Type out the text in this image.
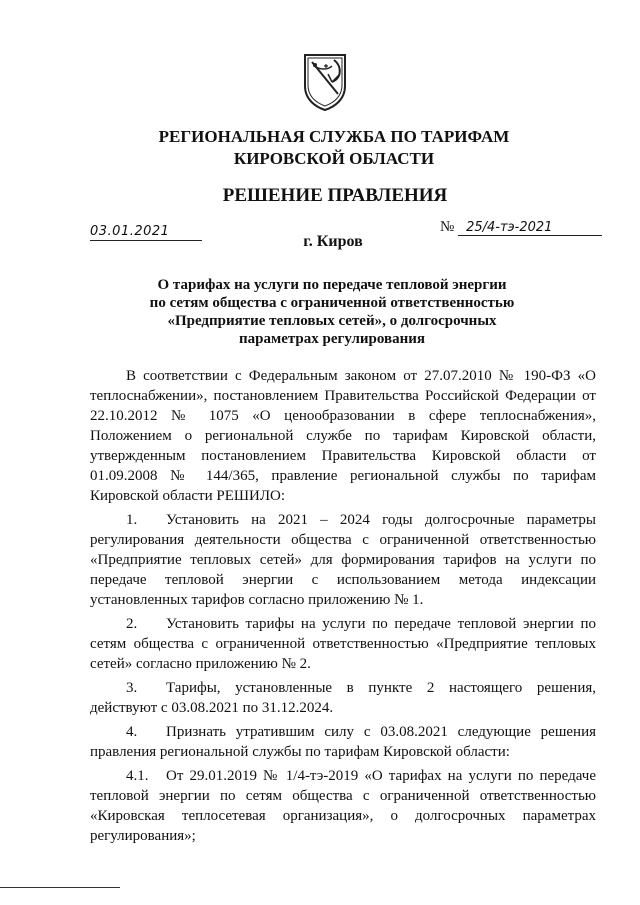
РЕГИОНАЛЬНАЯ СЛУЖБА ПО ТАРИФАМ
КИРОВСКОЙ ОБЛАСТИ
РЕШЕНИЕ ПРАВЛЕНИЯ
03.01.2021	№ 25/4-тэ-2021
г. Киров
О тарифах на услуги по передаче тепловой энергии
по сетям общества с ограниченной ответственностью
«Предприятие тепловых сетей», о долгосрочных
параметрах регулирования

В соответствии с Федеральным законом от 27.07.2010 № 190-ФЗ «О теплоснабжении», постановлением Правительства Российской Федерации от 22.10.2012 № 1075 «О ценообразовании в сфере теплоснабжения», Положением о региональной службе по тарифам Кировской области, утвержденным постановлением Правительства Кировской области от 01.09.2008 № 144/365, правление региональной службы по тарифам Кировской области РЕШИЛО:

1. Установить на 2021 – 2024 годы долгосрочные параметры регулирования деятельности общества с ограниченной ответственностью «Предприятие тепловых сетей» для формирования тарифов на услуги по передаче тепловой энергии с использованием метода индексации установленных тарифов согласно приложению № 1.

2. Установить тарифы на услуги по передаче тепловой энергии по сетям общества с ограниченной ответственностью «Предприятие тепловых сетей» согласно приложению № 2.

3. Тарифы, установленные в пункте 2 настоящего решения, действуют с 03.08.2021 по 31.12.2024.

4. Признать утратившим силу с 03.08.2021 следующие решения правления региональной службы по тарифам Кировской области:

4.1. От 29.01.2019 № 1/4-тэ-2019 «О тарифах на услуги по передаче тепловой энергии по сетям общества с ограниченной ответственностью «Кировская теплосетевая организация», о долгосрочных параметрах регулирования»;
